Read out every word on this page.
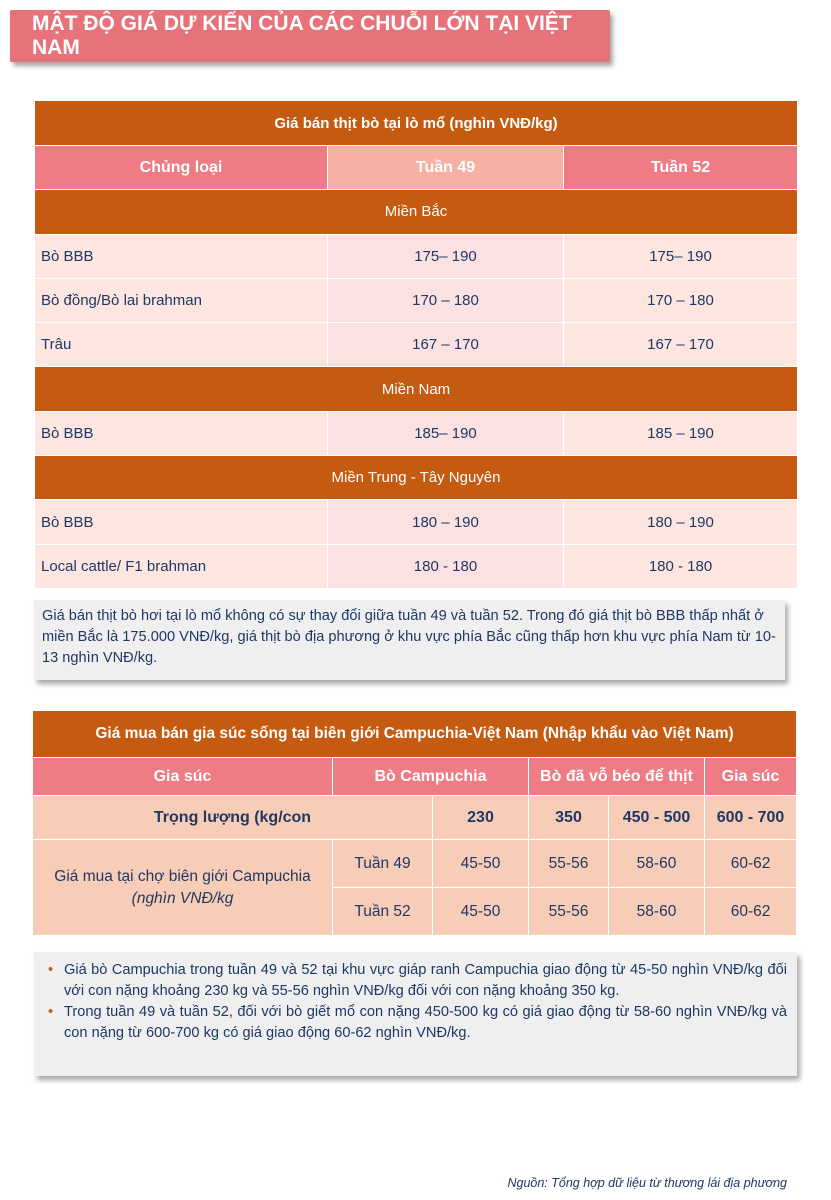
MẬT ĐỘ GIÁ DỰ KIẾN CỦA CÁC CHUỖI LỚN TẠI VIỆT NAM
Giá bán thịt bò tại lò mổ (nghìn VNĐ/kg)		
Chủng loại	Tuần 49	Tuần 52
Miền Bắc		
Bò BBB	175– 190	175– 190
Bò đồng/Bò lai brahman	170 – 180	170 – 180
Trâu	167 – 170	167 – 170
Miền Nam		
Bò BBB	185– 190	185 – 190
Miền Trung - Tây Nguyên		
Bò BBB	180 – 190	180 – 190
Local cattle/ F1 brahman	180 - 180	180 - 180

Giá bán thịt bò hơi tại lò mổ không có sự thay đổi giữa tuần 49 và tuần 52. Trong đó giá thịt bò BBB thấp nhất ở miền Bắc là 175.000 VNĐ/kg, giá thịt bò địa phương ở khu vực phía Bắc cũng thấp hơn khu vực phía Nam từ 10-13 nghìn VNĐ/kg.

Giá mua bán gia súc sống tại biên giới Campuchia-Việt Nam (Nhập khẩu vào Việt Nam)					
Gia súc	Bò Campuchia		Bò đã vỗ béo để thịt		Gia súc
Trọng lượng (kg/con		230	350	450 - 500	600 - 700
Giá mua tại chợ biên giới Campuchia
(nghìn VNĐ/kg	Tuần 49	45-50	55-56	58-60	60-62
	Tuần 52	45-50	55-56	58-60	60-62
• Giá bò Campuchia trong tuần 49 và 52 tại khu vực giáp ranh Campuchia giao động từ 45-50 nghìn VNĐ/kg đối với con nặng khoảng 230 kg và 55-56 nghìn VNĐ/kg đối với con nặng khoảng 350 kg.
• Trong tuần 49 và tuần 52, đối với bò giết mổ con nặng 450-500 kg có giá giao động từ 58-60 nghìn VNĐ/kg và con nặng từ 600-700 kg có giá giao động 60-62 nghìn VNĐ/kg.
Nguồn: Tổng hợp dữ liệu từ thương lái địa phương
